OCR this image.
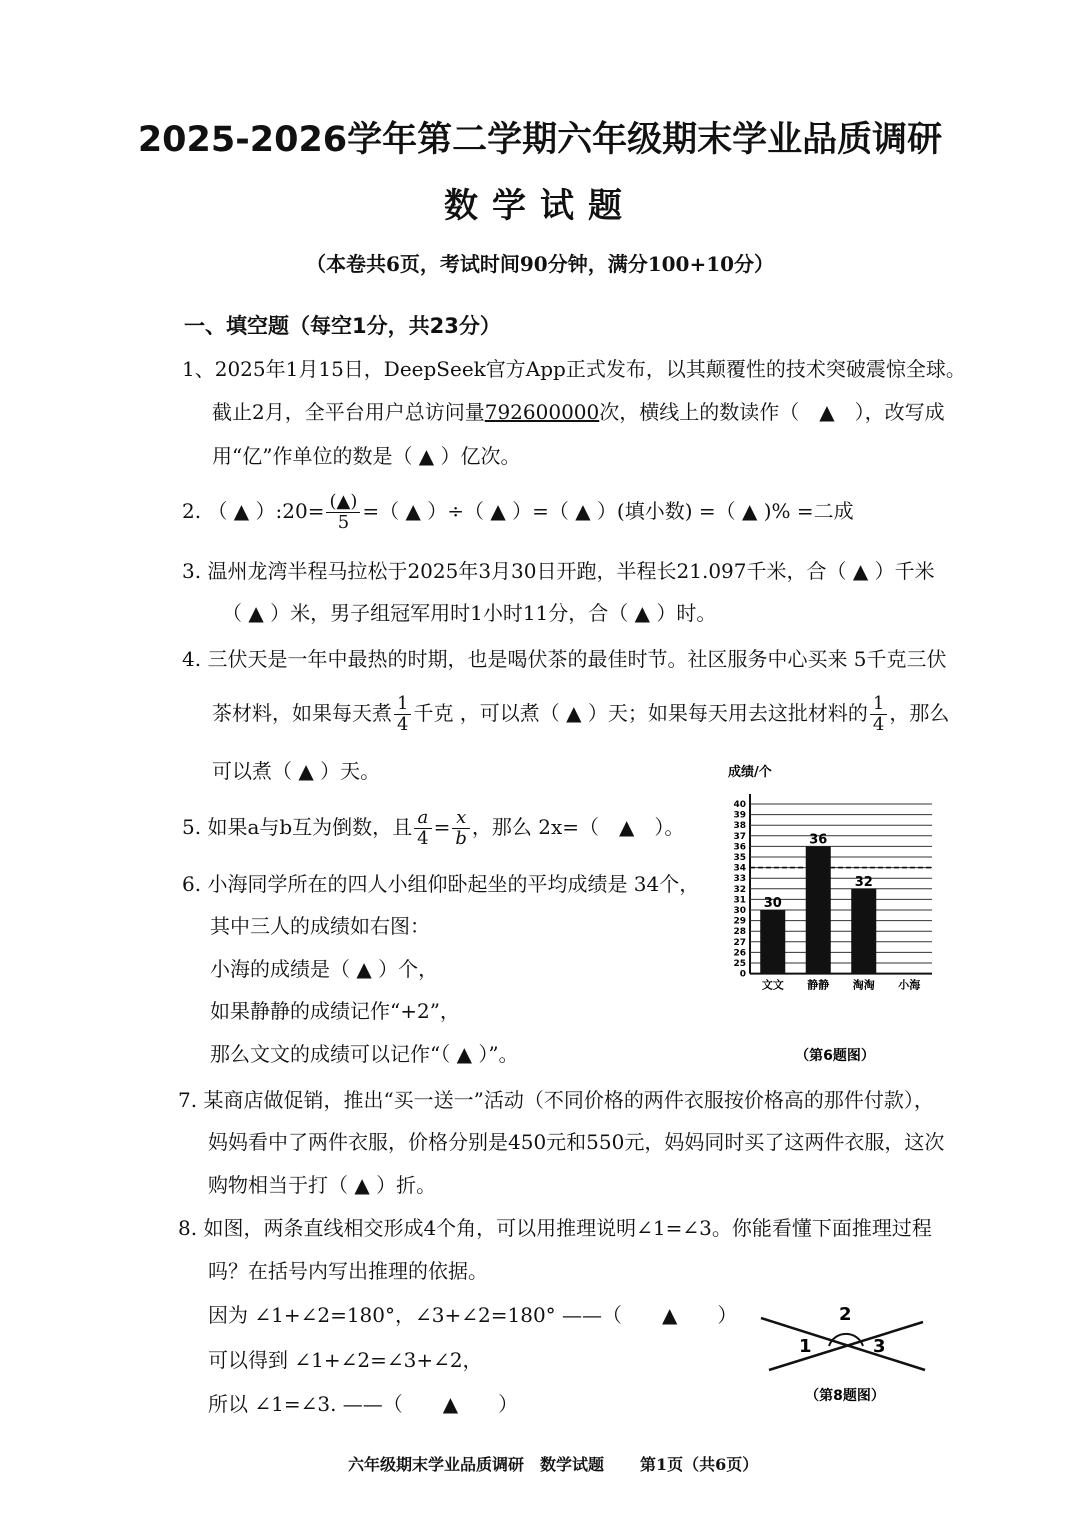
2025-2026学年第二学期六年级期末学业品质调研
数学试题
（本卷共6页，考试时间90分钟，满分100+10分）
一、填空题（每空1分，共23分）
1、2025年1月15日，DeepSeek官方App正式发布，以其颠覆性的技术突破震惊全球。
截止2月，全平台用户总访问量792600000次，横线上的数读作（　▲　），改写成
用“亿”作单位的数是（ ▲ ）亿次。
2. （ ▲ ）:20= $\frac{(▲)}{5}$ =（ ▲ ）÷（ ▲ ）=（ ▲ ）(填小数) =（ ▲ )% =二成
3. 温州龙湾半程马拉松于2025年3月30日开跑，半程长21.097千米，合（ ▲ ）千米
（ ▲ ）米，男子组冠军用时1小时11分，合（ ▲ ）时。
4. 三伏天是一年中最热的时期，也是喝伏茶的最佳时节。社区服务中心买来 5千克三伏
茶材料，如果每天煮 $\frac{1}{4}$ 千克 ，可以煮（ ▲ ）天；如果每天用去这批材料的 $\frac{1}{4}$ ，那么
可以煮（ ▲ ）天。
5. 如果a与b互为倒数，且 $\frac{a}{4} = \frac{x}{b}$ ，那么 2x=（　▲　）。
6. 小海同学所在的四人小组仰卧起坐的平均成绩是 34个，
其中三人的成绩如右图：
小海的成绩是（ ▲ ）个，
如果静静的成绩记作“+2”，
那么文文的成绩可以记作“（ ▲ ）”。
40
39
38
37
36
35
34
33
32
31
30
29
28
27
26
25
0
30
文文
36
静静
32
淘淘 小海
成绩/个
（第6题图）
7. 某商店做促销，推出“买一送一”活动（不同价格的两件衣服按价格高的那件付款），
妈妈看中了两件衣服，价格分别是450元和550元，妈妈同时买了这两件衣服，这次
购物相当于打（ ▲ ）折。
8. 如图，两条直线相交形成4个角，可以用推理说明∠1=∠3。你能看懂下面推理过程
吗？在括号内写出推理的依据。
因为 ∠1+∠2=180°，∠3+∠2=180° ——（　　▲　　）
可以得到 ∠1+∠2=∠3+∠2，
所以 ∠1=∠3. ——（　　▲　　）
1
2
3
（第8题图）
六年级期末学业品质调研　数学试题 第1页（共6页）
